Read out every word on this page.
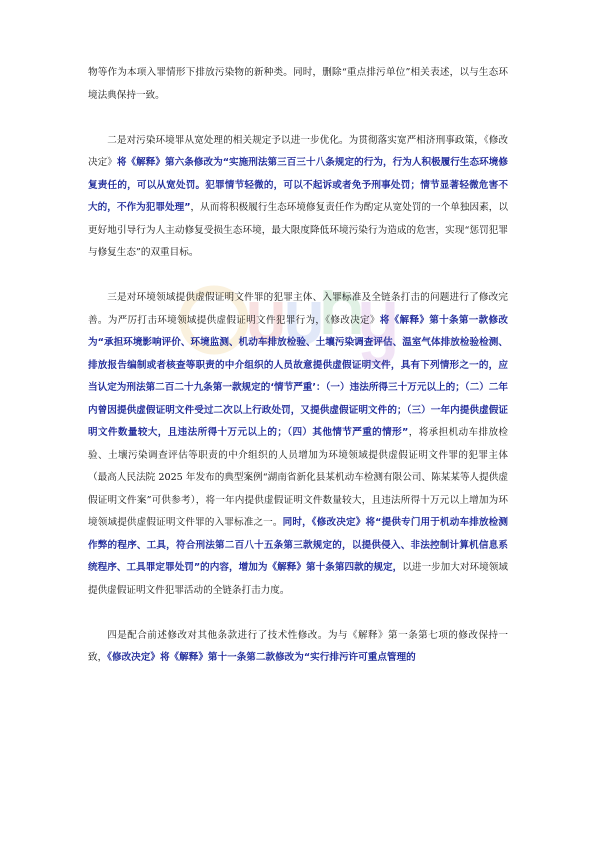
物等作为本项入罪情形下排放污染物的新种类。同时，删除“重点排污单位”相关表述，以与生态环境法典保持一致。

二是对污染环境罪从宽处理的相关规定予以进一步优化。为贯彻落实宽严相济刑事政策，《修改决定》将《解释》第六条修改为“实施刑法第三百三十八条规定的行为，行为人积极履行生态环境修复责任的，可以从宽处罚。犯罪情节轻微的，可以不起诉或者免予刑事处罚；情节显著轻微危害不大的，不作为犯罪处理”，从而将积极履行生态环境修复责任作为酌定从宽处罚的一个单独因素，以更好地引导行为人主动修复受损生态环境，最大限度降低环境污染行为造成的危害，实现“惩罚犯罪与修复生态”的双重目标。

三是对环境领域提供虚假证明文件罪的犯罪主体、入罪标准及全链条打击的问题进行了修改完善。为严厉打击环境领域提供虚假证明文件犯罪行为，《修改决定》将《解释》第十条第一款修改为“承担环境影响评价、环境监测、机动车排放检验、土壤污染调查评估、温室气体排放检验检测、排放报告编制或者核查等职责的中介组织的人员故意提供虚假证明文件，具有下列情形之一的，应当认定为刑法第二百二十九条第一款规定的‘情节严重’：（一）违法所得三十万元以上的；（二）二年内曾因提供虚假证明文件受过二次以上行政处罚，又提供虚假证明文件的；（三）一年内提供虚假证明文件数量较大，且违法所得十万元以上的；（四）其他情节严重的情形”，将承担机动车排放检验、土壤污染调查评估等职责的中介组织的人员增加为环境领域提供虚假证明文件罪的犯罪主体（最高人民法院 2025 年发布的典型案例“湖南省新化县某机动车检测有限公司、陈某某等人提供虚假证明文件案”可供参考），将一年内提供虚假证明文件数量较大，且违法所得十万元以上增加为环境领域提供虚假证明文件罪的入罪标准之一。同时，《修改决定》将“提供专门用于机动车排放检测作弊的程序、工具，符合刑法第二百八十五条第三款规定的，以提供侵入、非法控制计算机信息系统程序、工具罪定罪处罚”的内容，增加为《解释》第十条第四款的规定，以进一步加大对环境领域提供虚假证明文件犯罪活动的全链条打击力度。

四是配合前述修改对其他条款进行了技术性修改。为与《解释》第一条第七项的修改保持一致，《修改决定》将《解释》第十一条第二款修改为“实行排污许可重点管理的
